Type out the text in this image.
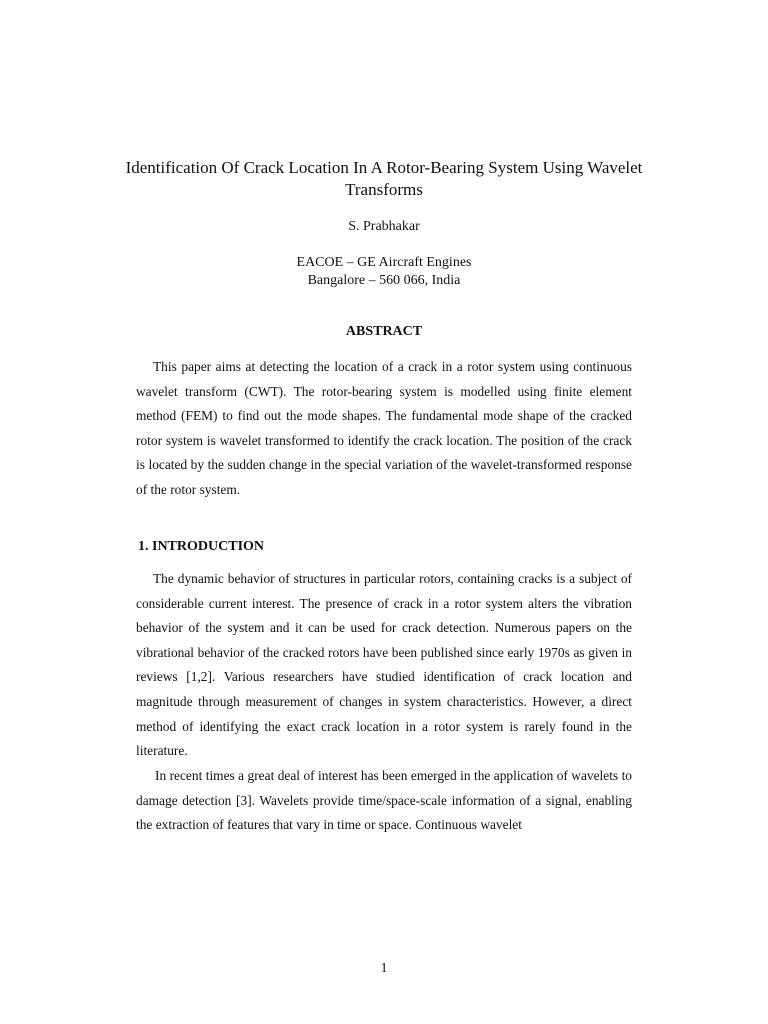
Identification Of Crack Location In A Rotor-Bearing System Using Wavelet Transforms
S. Prabhakar
EACOE – GE Aircraft Engines
Bangalore – 560 066, India
ABSTRACT

This paper aims at detecting the location of a crack in a rotor system using continuous wavelet transform (CWT). The rotor-bearing system is modelled using finite element method (FEM) to find out the mode shapes. The fundamental mode shape of the cracked rotor system is wavelet transformed to identify the crack location. The position of the crack is located by the sudden change in the special variation of the wavelet-transformed response of the rotor system.

1. INTRODUCTION

The dynamic behavior of structures in particular rotors, containing cracks is a subject of considerable current interest. The presence of crack in a rotor system alters the vibration behavior of the system and it can be used for crack detection. Numerous papers on the vibrational behavior of the cracked rotors have been published since early 1970s as given in reviews [1,2]. Various researchers have studied identification of crack location and magnitude through measurement of changes in system characteristics. However, a direct method of identifying the exact crack location in a rotor system is rarely found in the literature.

In recent times a great deal of interest has been emerged in the application of wavelets to damage detection [3]. Wavelets provide time/space-scale information of a signal, enabling the extraction of features that vary in time or space. Continuous wavelet

1
